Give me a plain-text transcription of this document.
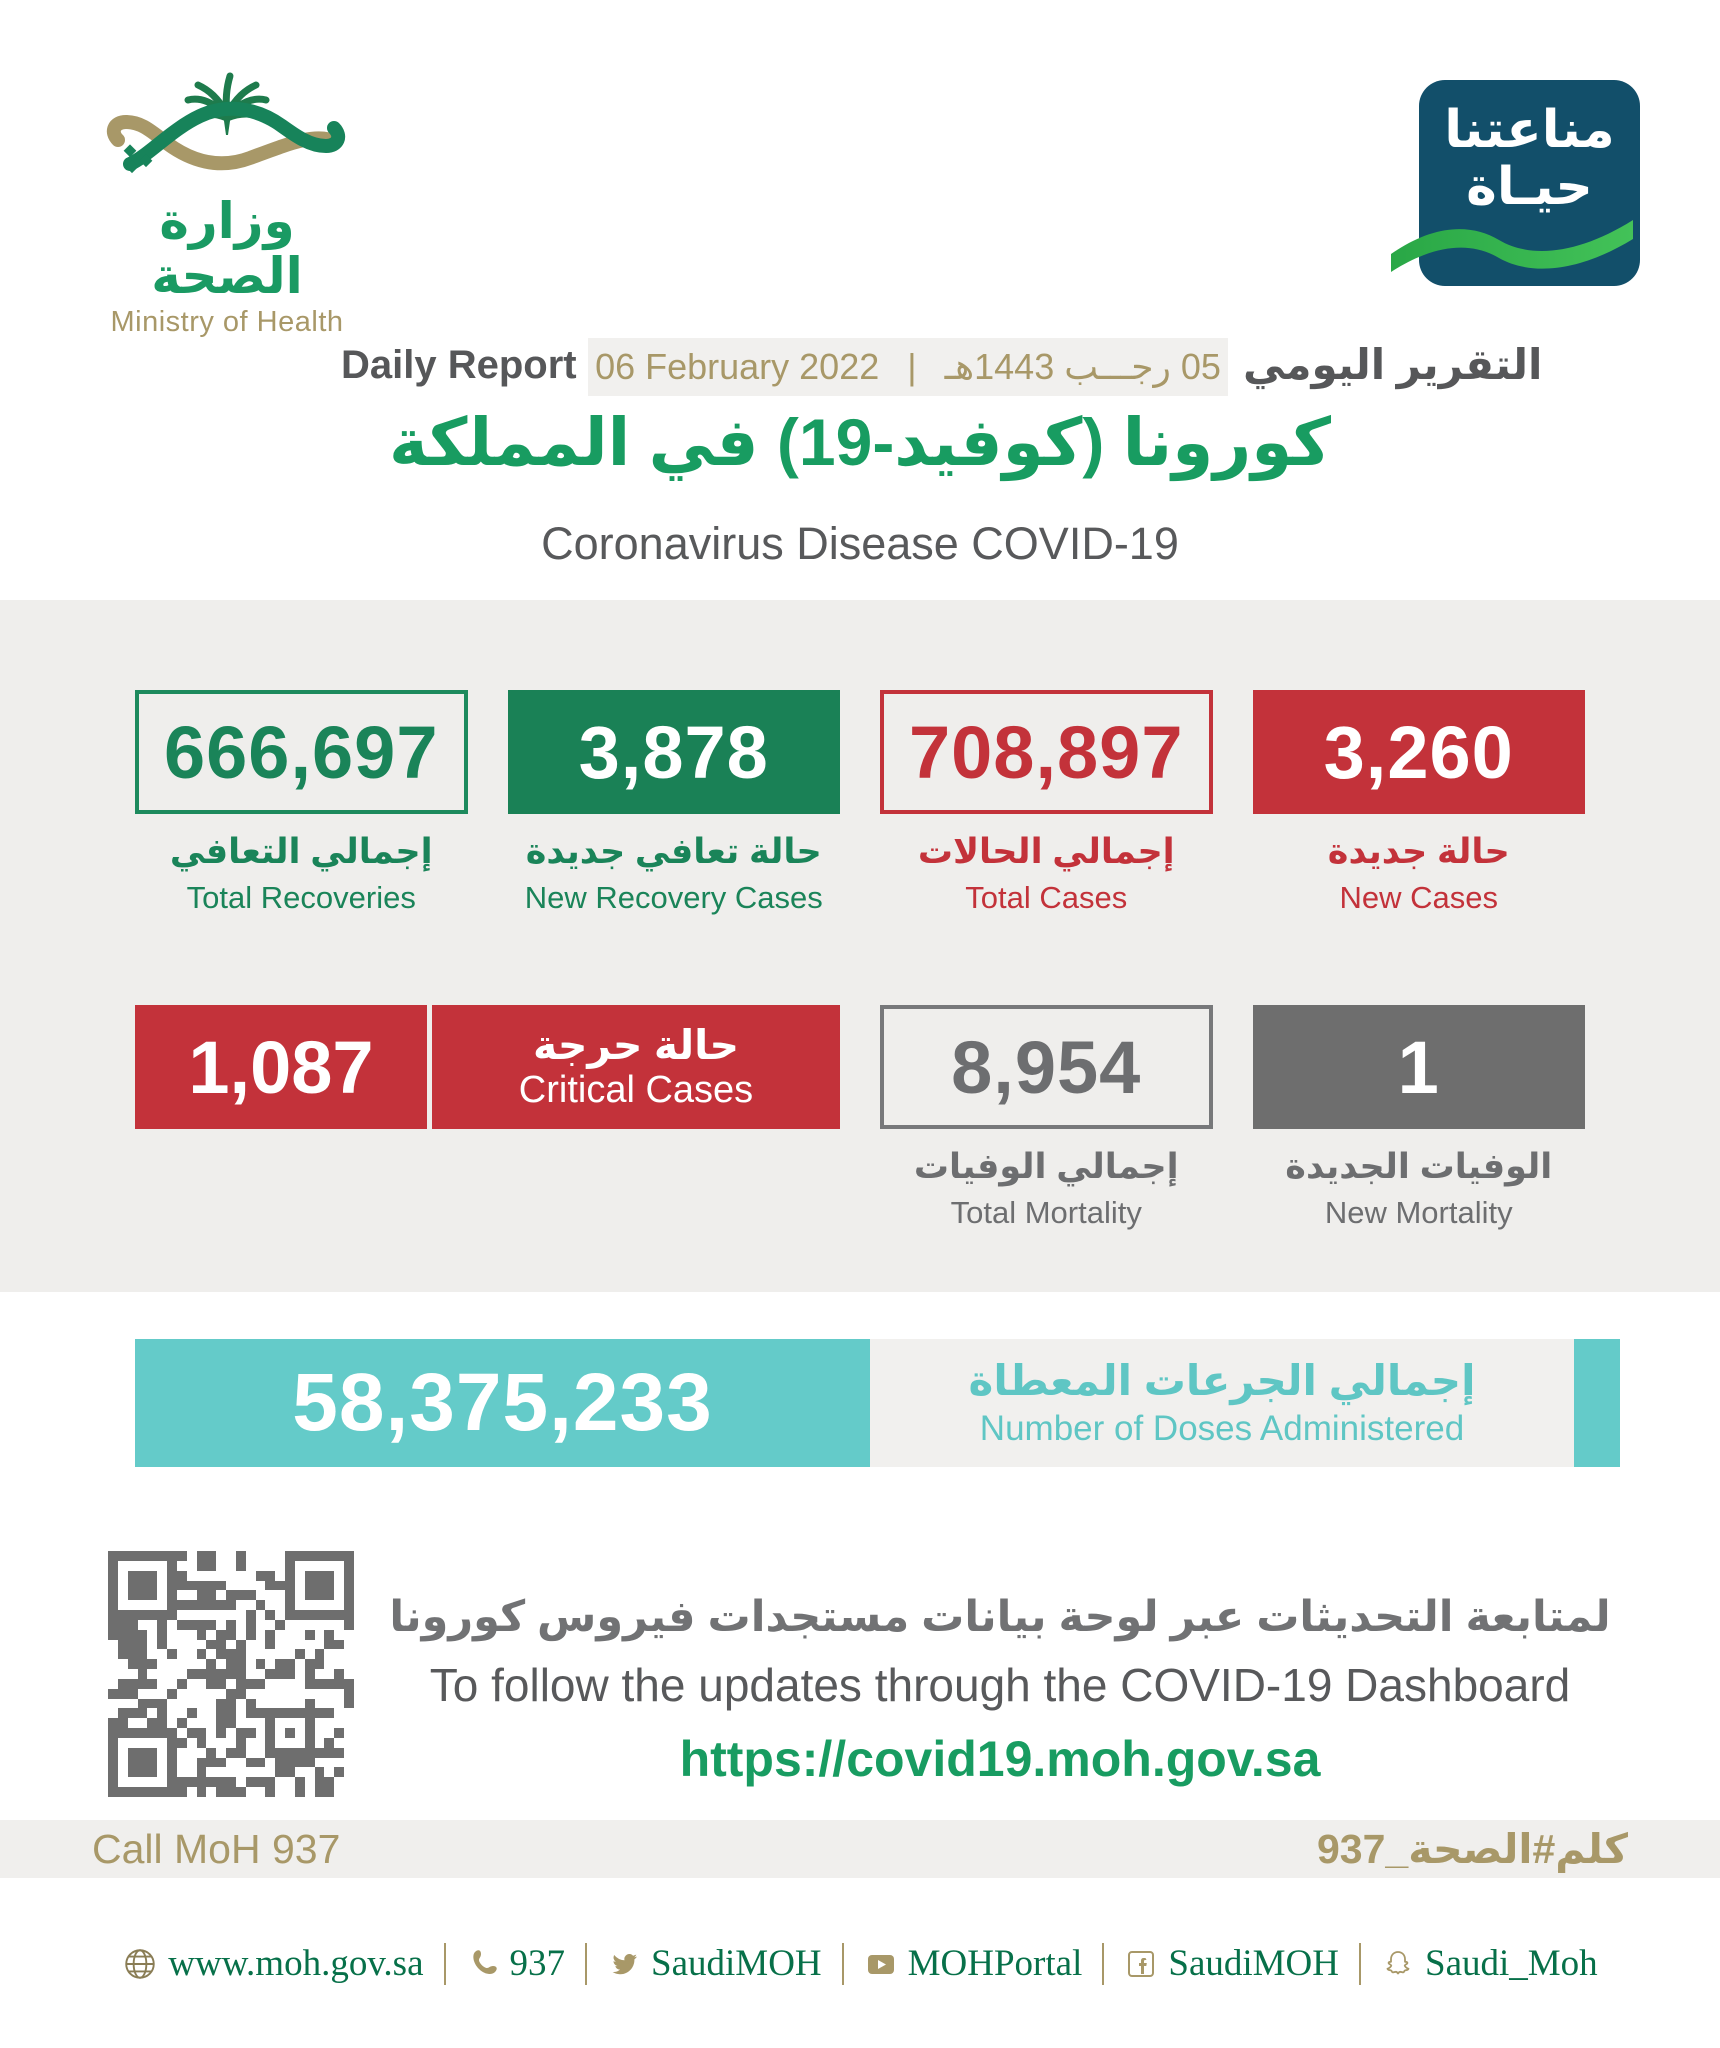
وزارة الصحة
Ministry of Health
مناعتنا
حيـاة
Daily Report 06 February 2022 | 05 رجـــب 1443هـ التقرير اليومي
كورونا (كوفيد-19) في المملكة
Coronavirus Disease COVID-19
666,697
إجمالي التعافي
Total Recoveries
3,878
حالة تعافي جديدة
New Recovery Cases
708,897
إجمالي الحالات
Total Cases
3,260
حالة جديدة
New Cases
1,087	حالة حرجة
Critical Cases	8,954
إجمالي الوفيات
Total Mortality
1
الوفيات الجديدة
New Mortality
58,375,233	إجمالي الجرعات المعطاة
Number of Doses Administered
لمتابعة التحديثات عبر لوحة بيانات مستجدات فيروس كورونا
To follow the updates through the COVID-19 Dashboard
https://covid19.moh.gov.sa
Call MoH 937	كلم#الصحة_937
www.moh.gov.sa 937 SaudiMOH MOHPortal SaudiMOH Saudi_Moh
